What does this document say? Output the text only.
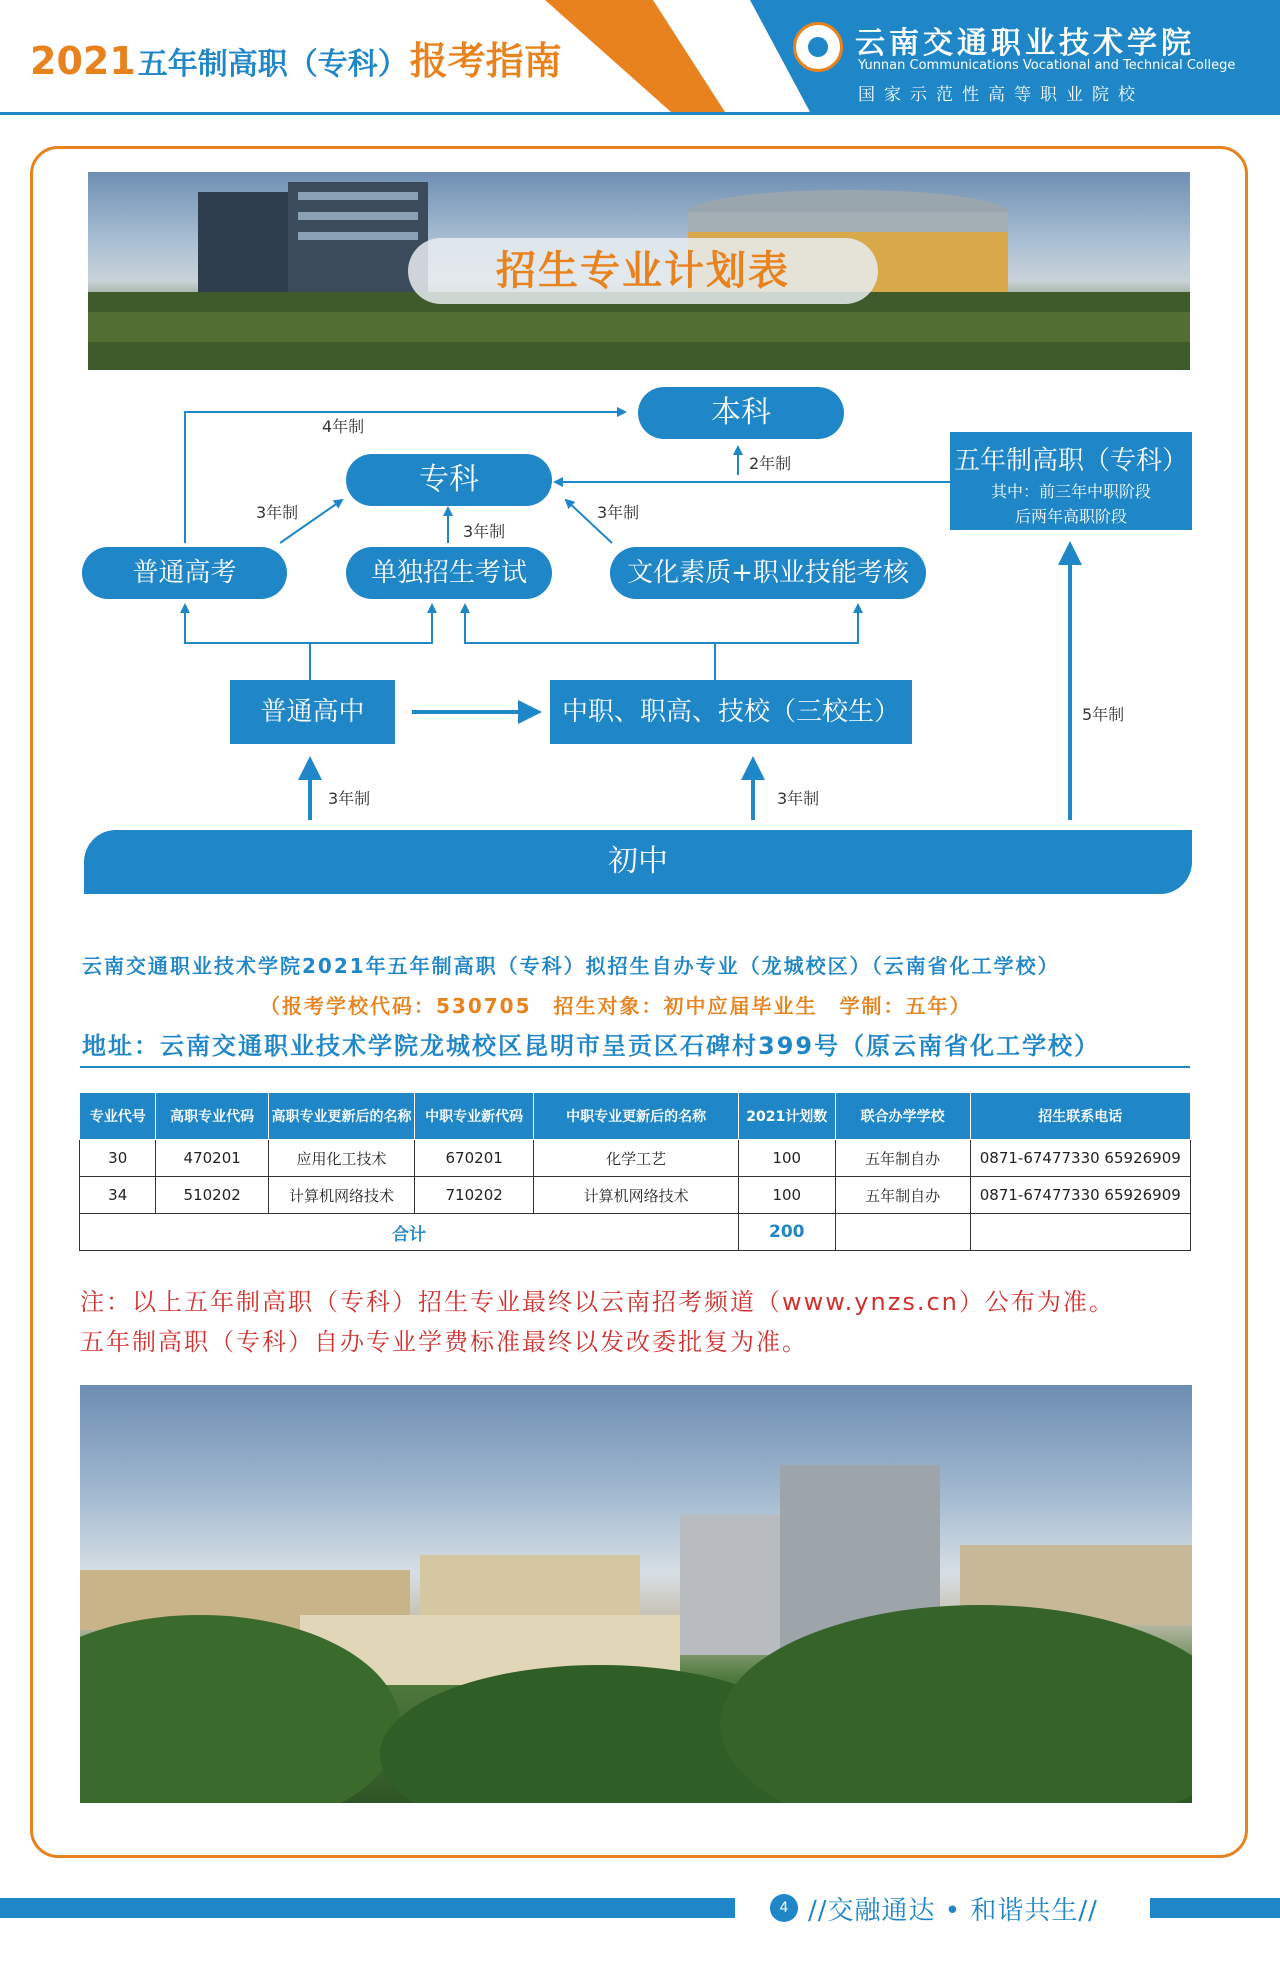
2021 五年制高职（专科） 报考指南	云南交通职业技术学院
Yunnan Communications Vocational and Technical College
国家示范性高等职业院校
招生专业计划表
本科
专科
五年制高职（专科）
其中：前三年中职阶段
后两年高职阶段
普通高考	单独招生考试	文化素质+职业技能考核
普通高中	中职、职高、技校（三校生）
初中
4年制
3年制
3年制
3年制
2年制
5年制
3年制	3年制
云南交通职业技术学院2021年五年制高职（专科）拟招生自办专业（龙城校区）（云南省化工学校）
（报考学校代码：530705　招生对象：初中应届毕业生　学制：五年）
地址：云南交通职业技术学院龙城校区昆明市呈贡区石碑村399号（原云南省化工学校）
专业代号	高职专业代码	高职专业更新后的名称	中职专业新代码	中职专业更新后的名称	2021计划数	联合办学学校	招生联系电话
30	470201	应用化工技术	670201	化学工艺	100	五年制自办	0871-67477330 65926909
34	510202	计算机网络技术	710202	计算机网络技术	100	五年制自办	0871-67477330 65926909
合计					200		
注：以上五年制高职（专科）招生专业最终以云南招考频道（www.ynzs.cn）公布为准。
五年制高职（专科）自办专业学费标准最终以发改委批复为准。
4 //交融通达 • 和谐共生//
